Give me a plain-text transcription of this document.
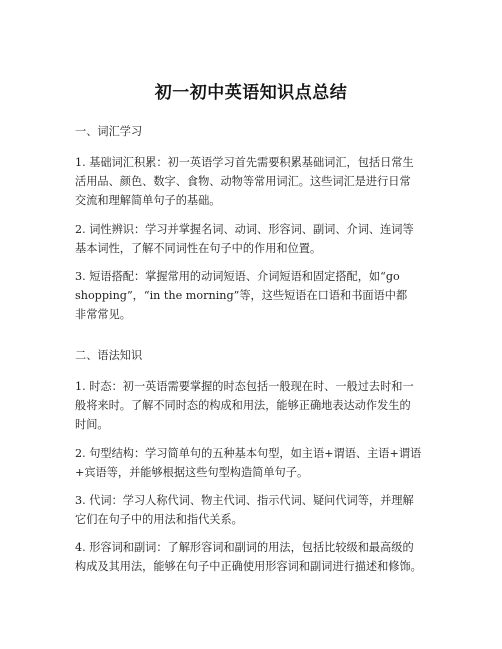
初一初中英语知识点总结
一、词汇学习
1. 基础词汇积累：初一英语学习首先需要积累基础词汇，包括日常生
活用品、颜色、数字、食物、动物等常用词汇。这些词汇是进行日常
交流和理解简单句子的基础。
2. 词性辨识：学习并掌握名词、动词、形容词、副词、介词、连词等
基本词性，了解不同词性在句子中的作用和位置。
3. 短语搭配：掌握常用的动词短语、介词短语和固定搭配，如“go
shopping”，“in the morning”等，这些短语在口语和书面语中都
非常常见。
二、语法知识
1. 时态：初一英语需要掌握的时态包括一般现在时、一般过去时和一
般将来时。了解不同时态的构成和用法，能够正确地表达动作发生的
时间。
2. 句型结构：学习简单句的五种基本句型，如主语+谓语、主语+谓语
+宾语等，并能够根据这些句型构造简单句子。
3. 代词：学习人称代词、物主代词、指示代词、疑问代词等，并理解
它们在句子中的用法和指代关系。
4. 形容词和副词：了解形容词和副词的用法，包括比较级和最高级的
构成及其用法，能够在句子中正确使用形容词和副词进行描述和修饰。
